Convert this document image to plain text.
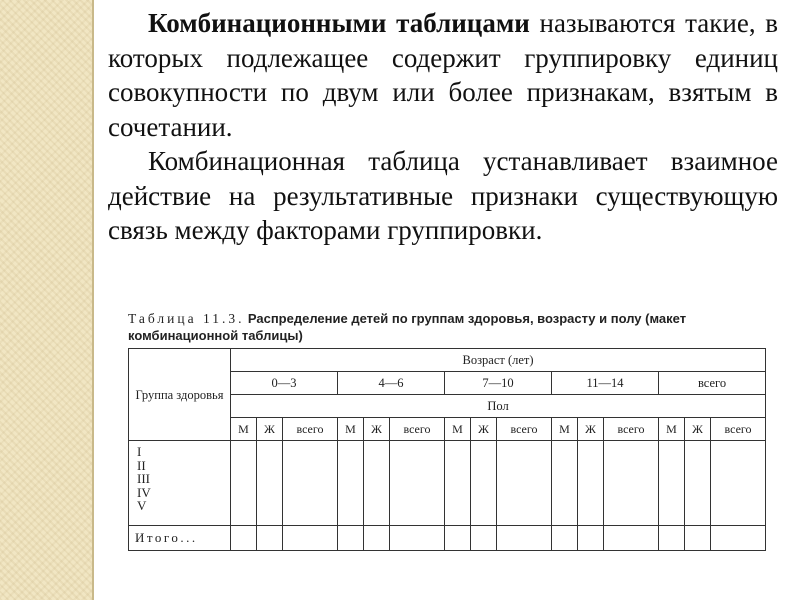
Комбинационными таблицами называются такие, в которых подлежащее содержит группировку единиц совокупности по двум или более признакам, взятым в сочетании.

Комбинационная таблица устанавливает взаимное действие на результативные признаки существующую связь между факторами группировки.

Таблица 11.3. Распределение детей по группам здоровья, возрасту и полу (макет комбинационной таблицы)
Группа здоровья	Возраст (лет)														
	0—3			4—6			7—10			11—14			всего		
	Пол														
	М	Ж	всего	М	Ж	всего	М	Ж	всего	М	Ж	всего	М	Ж	всего

I
II
III
IV
V															

Итого...															
